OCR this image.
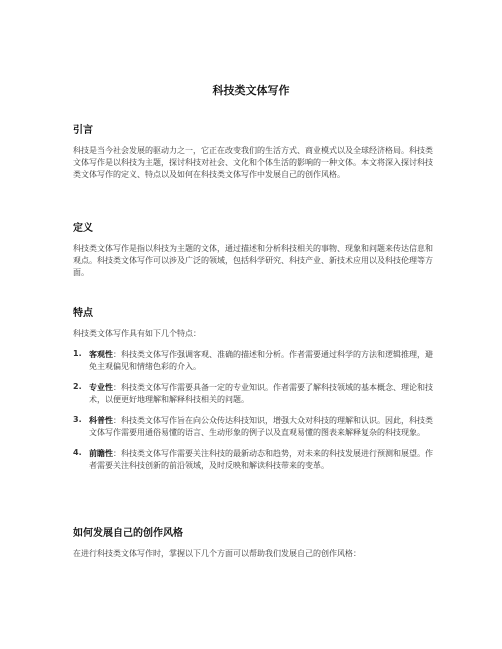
科技类文体写作
引言

科技是当今社会发展的驱动力之一，它正在改变我们的生活方式、商业模式以及全球经济格局。科技类文体写作是以科技为主题，探讨科技对社会、文化和个体生活的影响的一种文体。本文将深入探讨科技类文体写作的定义、特点以及如何在科技类文体写作中发展自己的创作风格。

定义

科技类文体写作是指以科技为主题的文体，通过描述和分析科技相关的事物、现象和问题来传达信息和观点。科技类文体写作可以涉及广泛的领域，包括科学研究、科技产业、新技术应用以及科技伦理等方面。

特点

科技类文体写作具有如下几个特点：

1. 客观性：科技类文体写作强调客观、准确的描述和分析。作者需要通过科学的方法和逻辑推理，避免主观偏见和情绪色彩的介入。
2. 专业性：科技类文体写作需要具备一定的专业知识。作者需要了解科技领域的基本概念、理论和技术，以便更好地理解和解释科技相关的问题。
3. 科普性：科技类文体写作旨在向公众传达科技知识，增强大众对科技的理解和认识。因此，科技类文体写作需要用通俗易懂的语言、生动形象的例子以及直观易懂的图表来解释复杂的科技现象。
4. 前瞻性：科技类文体写作需要关注科技的最新动态和趋势，对未来的科技发展进行预测和展望。作者需要关注科技创新的前沿领域，及时反映和解读科技带来的变革。
如何发展自己的创作风格

在进行科技类文体写作时，掌握以下几个方面可以帮助我们发展自己的创作风格：
